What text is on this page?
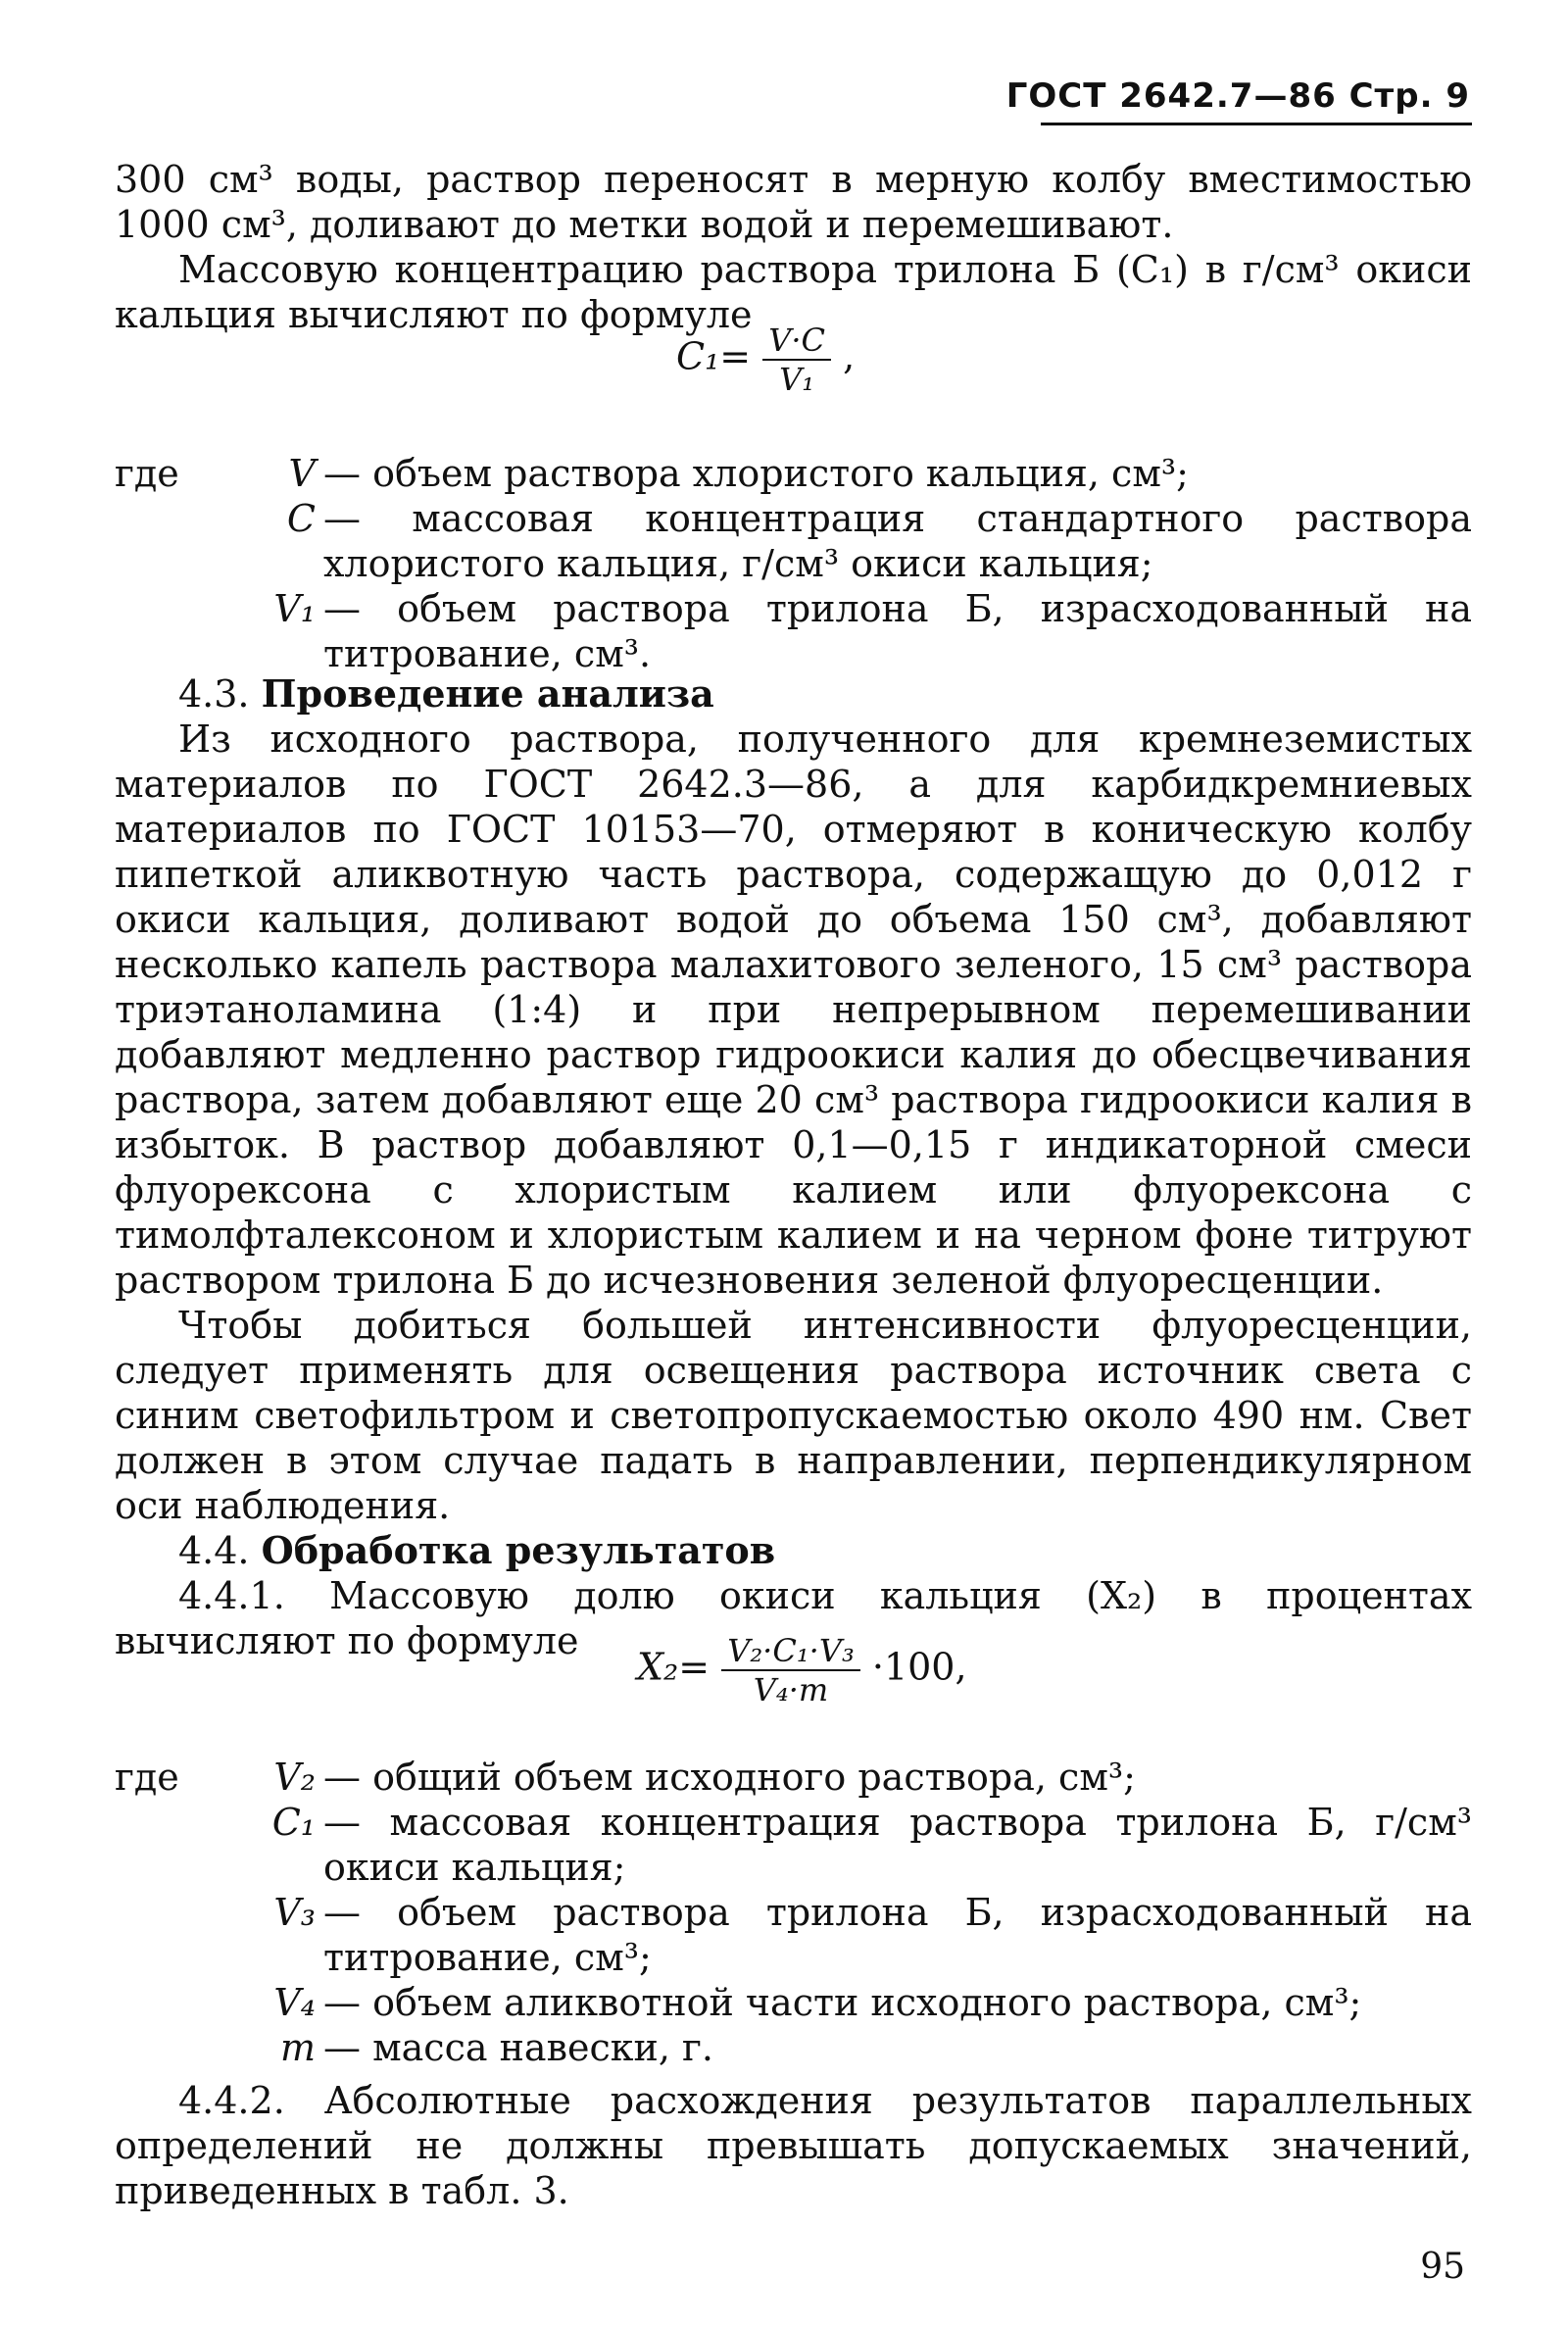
ГОСТ 2642.7—86 Стр. 9

300 см³ воды, раствор переносят в мерную колбу вместимостью 1000 см³, доливают до метки водой и перемешивают.

Массовую концентрацию раствора трилона Б (C₁) в г/см³ окиси кальция вычисляют по формуле

$C_1= \frac{V\cdot C}{\text{V₁}}$ ,
где	V — объем раствора хлористого кальция, см³;
C — массовая концентрация стандартного раствора хлористого кальция, г/см³ окиси кальция;
V₁ — объем раствора трилона Б, израсходованный на титрование, см³.

4.3. Проведение анализа

Из исходного раствора, полученного для кремнеземистых материалов по ГОСТ 2642.3—86, а для карбидкремниевых материалов по ГОСТ 10153—70, отмеряют в коническую колбу пипеткой аликвотную часть раствора, содержащую до 0,012 г окиси кальция, доливают водой до объема 150 см³, добавляют несколько капель раствора малахитового зеленого, 15 см³ раствора триэтаноламина (1:4) и при непрерывном перемешивании добавляют медленно раствор гидроокиси калия до обесцвечивания раствора, затем добавляют еще 20 см³ раствора гидроокиси калия в избыток. В раствор добавляют 0,1—0,15 г индикаторной смеси флуорексона с хлористым калием или флуорексона с тимолфталексоном и хлористым калием и на черном фоне титруют раствором трилона Б до исчезновения зеленой флуоресценции.

Чтобы добиться большей интенсивности флуоресценции, следует применять для освещения раствора источник света с синим светофильтром и светопропускаемостью около 490 нм. Свет должен в этом случае падать в направлении, перпендикулярном оси наблюдения.

4.4. Обработка результатов

4.4.1. Массовую долю окиси кальция (X₂) в процентах вычисляют по формуле

$X_2= \frac{\text{V₂·C₁·V₃}}{\text{V₄·m}} \cdot 100$,
где	V₂ — общий объем исходного раствора, см³;
C₁ — массовая концентрация раствора трилона Б, г/см³ окиси кальция;
V₃ — объем раствора трилона Б, израсходованный на титрование, см³;
V₄ — объем аликвотной части исходного раствора, см³;
m — масса навески, г.

4.4.2. Абсолютные расхождения результатов параллельных определений не должны превышать допускаемых значений, приведенных в табл. 3.

95
